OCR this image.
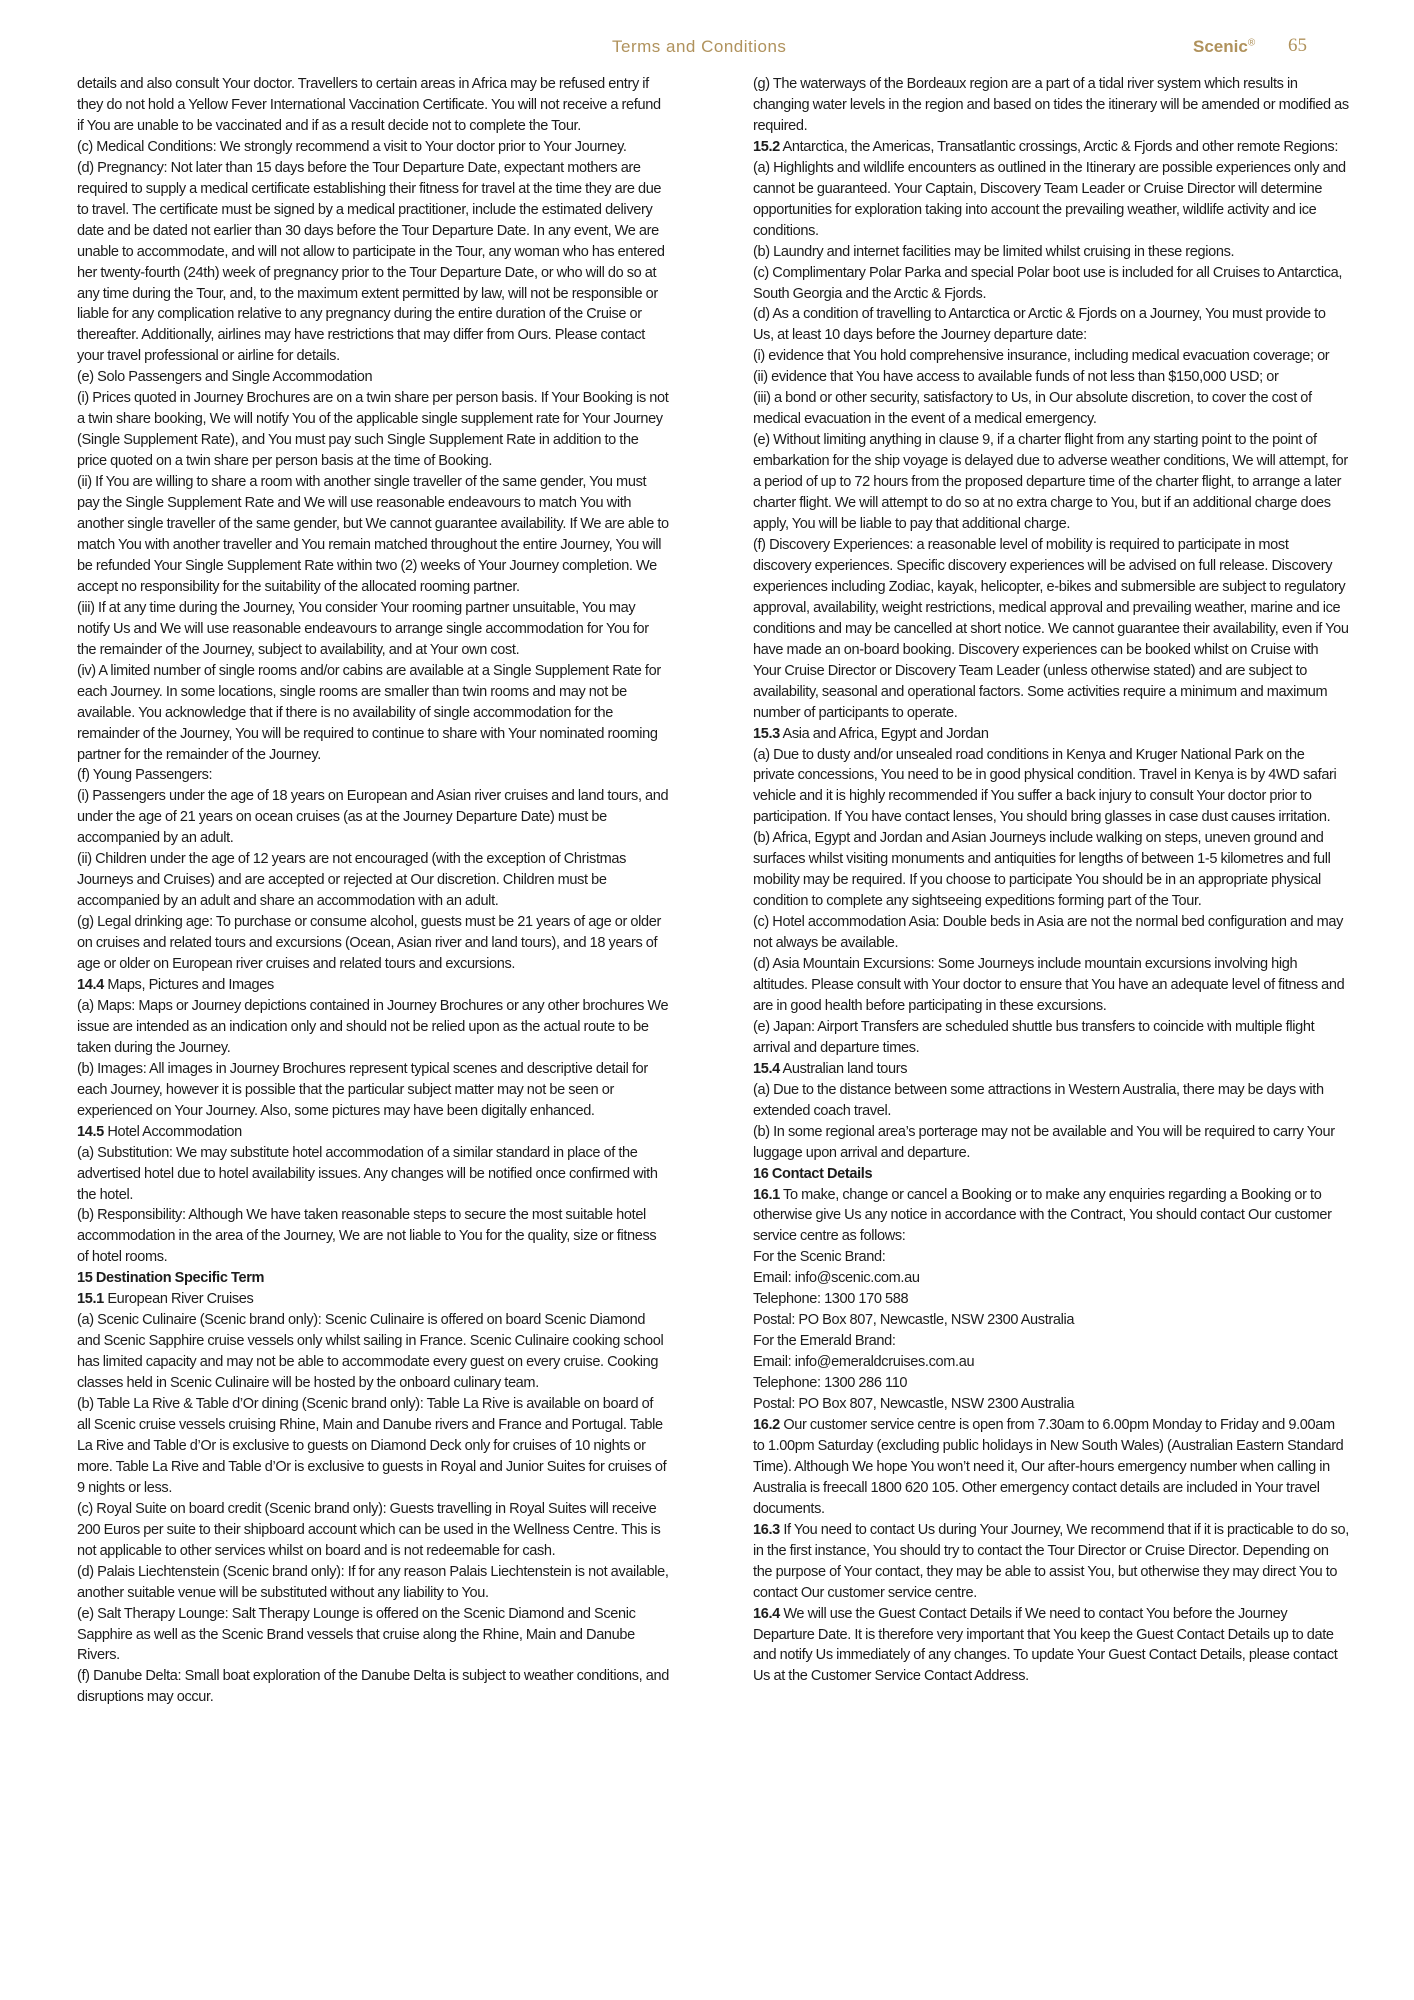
Terms and Conditions	Scenic® 65

details and also consult Your doctor. Travellers to certain areas in Africa may be refused entry if they do not hold a Yellow Fever International Vaccination Certificate. You will not receive a refund if You are unable to be vaccinated and if as a result decide not to complete the Tour.

(c) Medical Conditions: We strongly recommend a visit to Your doctor prior to Your Journey.

(d) Pregnancy: Not later than 15 days before the Tour Departure Date, expectant mothers are required to supply a medical certificate establishing their fitness for travel at the time they are due to travel. The certificate must be signed by a medical practitioner, include the estimated delivery date and be dated not earlier than 30 days before the Tour Departure Date. In any event, We are unable to accommodate, and will not allow to participate in the Tour, any woman who has entered her twenty-fourth (24th) week of pregnancy prior to the Tour Departure Date, or who will do so at any time during the Tour, and, to the maximum extent permitted by law, will not be responsible or liable for any complication relative to any pregnancy during the entire duration of the Cruise or thereafter. Additionally, airlines may have restrictions that may differ from Ours. Please contact your travel professional or airline for details.

(e) Solo Passengers and Single Accommodation

(i) Prices quoted in Journey Brochures are on a twin share per person basis. If Your Booking is not a twin share booking, We will notify You of the applicable single supplement rate for Your Journey (Single Supplement Rate), and You must pay such Single Supplement Rate in addition to the price quoted on a twin share per person basis at the time of Booking.

(ii) If You are willing to share a room with another single traveller of the same gender, You must pay the Single Supplement Rate and We will use reasonable endeavours to match You with another single traveller of the same gender, but We cannot guarantee availability. If We are able to match You with another traveller and You remain matched throughout the entire Journey, You will be refunded Your Single Supplement Rate within two (2) weeks of Your Journey completion. We accept no responsibility for the suitability of the allocated rooming partner.

(iii) If at any time during the Journey, You consider Your rooming partner unsuitable, You may notify Us and We will use reasonable endeavours to arrange single accommodation for You for the remainder of the Journey, subject to availability, and at Your own cost.

(iv) A limited number of single rooms and/or cabins are available at a Single Supplement Rate for each Journey. In some locations, single rooms are smaller than twin rooms and may not be available. You acknowledge that if there is no availability of single accommodation for the remainder of the Journey, You will be required to continue to share with Your nominated rooming partner for the remainder of the Journey.

(f) Young Passengers:

(i) Passengers under the age of 18 years on European and Asian river cruises and land tours, and under the age of 21 years on ocean cruises (as at the Journey Departure Date) must be accompanied by an adult.

(ii) Children under the age of 12 years are not encouraged (with the exception of Christmas Journeys and Cruises) and are accepted or rejected at Our discretion. Children must be accompanied by an adult and share an accommodation with an adult.

(g) Legal drinking age: To purchase or consume alcohol, guests must be 21 years of age or older on cruises and related tours and excursions (Ocean, Asian river and land tours), and 18 years of age or older on European river cruises and related tours and excursions.

14.4 Maps, Pictures and Images

(a) Maps: Maps or Journey depictions contained in Journey Brochures or any other brochures We issue are intended as an indication only and should not be relied upon as the actual route to be taken during the Journey.

(b) Images: All images in Journey Brochures represent typical scenes and descriptive detail for each Journey, however it is possible that the particular subject matter may not be seen or experienced on Your Journey. Also, some pictures may have been digitally enhanced.

14.5 Hotel Accommodation

(a) Substitution: We may substitute hotel accommodation of a similar standard in place of the advertised hotel due to hotel availability issues. Any changes will be notified once confirmed with the hotel.

(b) Responsibility: Although We have taken reasonable steps to secure the most suitable hotel accommodation in the area of the Journey, We are not liable to You for the quality, size or fitness of hotel rooms.

15 Destination Specific Term

15.1 European River Cruises

(a) Scenic Culinaire (Scenic brand only): Scenic Culinaire is offered on board Scenic Diamond and Scenic Sapphire cruise vessels only whilst sailing in France. Scenic Culinaire cooking school has limited capacity and may not be able to accommodate every guest on every cruise. Cooking classes held in Scenic Culinaire will be hosted by the onboard culinary team.

(b) Table La Rive & Table d’Or dining (Scenic brand only): Table La Rive is available on board of all Scenic cruise vessels cruising Rhine, Main and Danube rivers and France and Portugal. Table La Rive and Table d’Or is exclusive to guests on Diamond Deck only for cruises of 10 nights or more. Table La Rive and Table d’Or is exclusive to guests in Royal and Junior Suites for cruises of 9 nights or less.

(c) Royal Suite on board credit (Scenic brand only): Guests travelling in Royal Suites will receive 200 Euros per suite to their shipboard account which can be used in the Wellness Centre. This is not applicable to other services whilst on board and is not redeemable for cash.

(d) Palais Liechtenstein (Scenic brand only): If for any reason Palais Liechtenstein is not available, another suitable venue will be substituted without any liability to You.

(e) Salt Therapy Lounge: Salt Therapy Lounge is offered on the Scenic Diamond and Scenic Sapphire as well as the Scenic Brand vessels that cruise along the Rhine, Main and Danube Rivers.

(f) Danube Delta: Small boat exploration of the Danube Delta is subject to weather conditions, and disruptions may occur.

(g) The waterways of the Bordeaux region are a part of a tidal river system which results in changing water levels in the region and based on tides the itinerary will be amended or modified as required.

15.2 Antarctica, the Americas, Transatlantic crossings, Arctic & Fjords and other remote Regions:

(a) Highlights and wildlife encounters as outlined in the Itinerary are possible experiences only and cannot be guaranteed. Your Captain, Discovery Team Leader or Cruise Director will determine opportunities for exploration taking into account the prevailing weather, wildlife activity and ice conditions.

(b) Laundry and internet facilities may be limited whilst cruising in these regions.

(c) Complimentary Polar Parka and special Polar boot use is included for all Cruises to Antarctica, South Georgia and the Arctic & Fjords.

(d) As a condition of travelling to Antarctica or Arctic & Fjords on a Journey, You must provide to Us, at least 10 days before the Journey departure date:

(i) evidence that You hold comprehensive insurance, including medical evacuation coverage; or

(ii) evidence that You have access to available funds of not less than $150,000 USD; or

(iii) a bond or other security, satisfactory to Us, in Our absolute discretion, to cover the cost of medical evacuation in the event of a medical emergency.

(e) Without limiting anything in clause 9, if a charter flight from any starting point to the point of embarkation for the ship voyage is delayed due to adverse weather conditions, We will attempt, for a period of up to 72 hours from the proposed departure time of the charter flight, to arrange a later charter flight. We will attempt to do so at no extra charge to You, but if an additional charge does apply, You will be liable to pay that additional charge.

(f) Discovery Experiences: a reasonable level of mobility is required to participate in most discovery experiences. Specific discovery experiences will be advised on full release. Discovery experiences including Zodiac, kayak, helicopter, e-bikes and submersible are subject to regulatory approval, availability, weight restrictions, medical approval and prevailing weather, marine and ice conditions and may be cancelled at short notice. We cannot guarantee their availability, even if You have made an on-board booking. Discovery experiences can be booked whilst on Cruise with Your Cruise Director or Discovery Team Leader (unless otherwise stated) and are subject to availability, seasonal and operational factors. Some activities require a minimum and maximum number of participants to operate.

15.3 Asia and Africa, Egypt and Jordan

(a) Due to dusty and/or unsealed road conditions in Kenya and Kruger National Park on the private concessions, You need to be in good physical condition. Travel in Kenya is by 4WD safari vehicle and it is highly recommended if You suffer a back injury to consult Your doctor prior to participation. If You have contact lenses, You should bring glasses in case dust causes irritation.

(b) Africa, Egypt and Jordan and Asian Journeys include walking on steps, uneven ground and surfaces whilst visiting monuments and antiquities for lengths of between 1-5 kilometres and full mobility may be required. If you choose to participate You should be in an appropriate physical condition to complete any sightseeing expeditions forming part of the Tour.

(c) Hotel accommodation Asia: Double beds in Asia are not the normal bed configuration and may not always be available.

(d) Asia Mountain Excursions: Some Journeys include mountain excursions involving high altitudes. Please consult with Your doctor to ensure that You have an adequate level of fitness and are in good health before participating in these excursions.

(e) Japan: Airport Transfers are scheduled shuttle bus transfers to coincide with multiple flight arrival and departure times.

15.4 Australian land tours

(a) Due to the distance between some attractions in Western Australia, there may be days with extended coach travel.

(b) In some regional area’s porterage may not be available and You will be required to carry Your luggage upon arrival and departure.

16 Contact Details

16.1 To make, change or cancel a Booking or to make any enquiries regarding a Booking or to otherwise give Us any notice in accordance with the Contract, You should contact Our customer service centre as follows:

For the Scenic Brand:

Email: info@scenic.com.au

Telephone: 1300 170 588

Postal: PO Box 807, Newcastle, NSW 2300 Australia

For the Emerald Brand:

Email: info@emeraldcruises.com.au

Telephone: 1300 286 110

Postal: PO Box 807, Newcastle, NSW 2300 Australia

16.2 Our customer service centre is open from 7.30am to 6.00pm Monday to Friday and 9.00am to 1.00pm Saturday (excluding public holidays in New South Wales) (Australian Eastern Standard Time). Although We hope You won’t need it, Our after-hours emergency number when calling in Australia is freecall 1800 620 105. Other emergency contact details are included in Your travel documents.

16.3 If You need to contact Us during Your Journey, We recommend that if it is practicable to do so, in the first instance, You should try to contact the Tour Director or Cruise Director. Depending on the purpose of Your contact, they may be able to assist You, but otherwise they may direct You to contact Our customer service centre.

16.4 We will use the Guest Contact Details if We need to contact You before the Journey Departure Date. It is therefore very important that You keep the Guest Contact Details up to date and notify Us immediately of any changes. To update Your Guest Contact Details, please contact Us at the Customer Service Contact Address.
